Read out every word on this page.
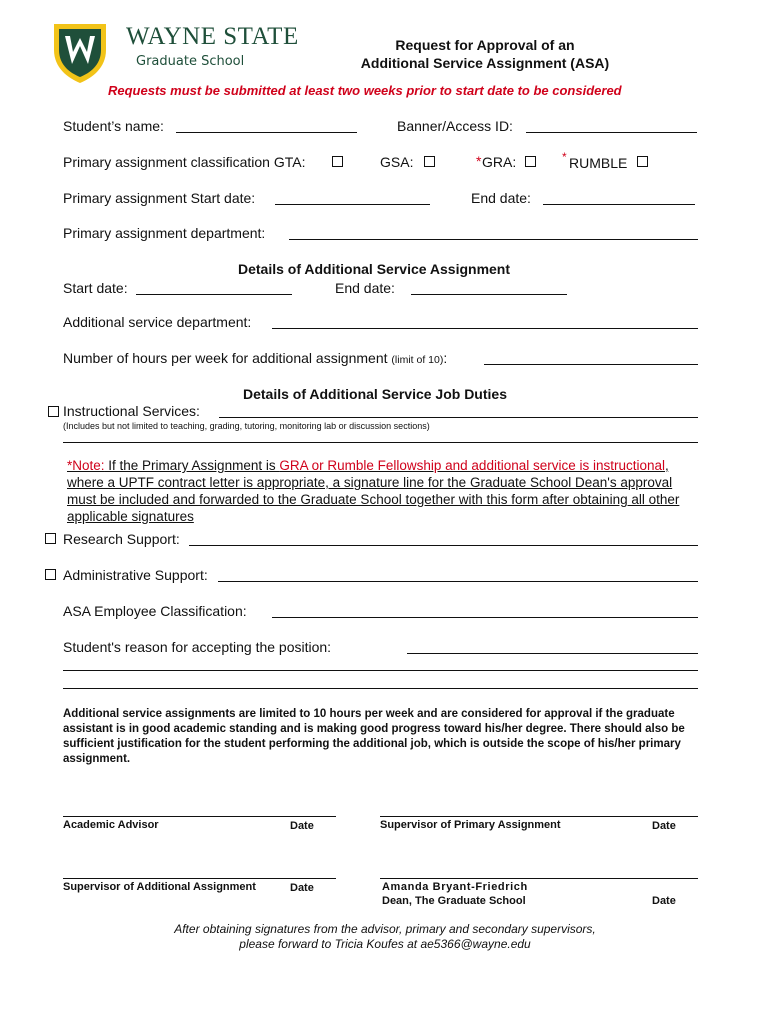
WAYNE STATE
Graduate School
Request for Approval of an
Additional Service Assignment (ASA)
Requests must be submitted at least two weeks prior to start date to be considered
Student’s name:	Banner/Access ID:
Primary assignment classification GTA:	GSA:	* GRA:	* RUMBLE
Primary assignment Start date:	End date:
Primary assignment department:
Details of Additional Service Assignment
Start date:	End date:
Additional service department:
Number of hours per week for additional assignment (limit of 10):
Details of Additional Service Job Duties
Instructional Services:
(Includes but not limited to teaching, grading, tutoring, monitoring lab or discussion sections)
*Note: If the Primary Assignment is GRA or Rumble Fellowship and additional service is instructional, where a UPTF contract letter is appropriate, a signature line for the Graduate School Dean's approval must be included and forwarded to the Graduate School together with this form after obtaining all other applicable signatures
Research Support:
Administrative Support:
ASA Employee Classification:
Student's reason for accepting the position:
Additional service assignments are limited to 10 hours per week and are considered for approval if the graduate assistant is in good academic standing and is making good progress toward his/her degree. There should also be sufficient justification for the student performing the additional job, which is outside the scope of his/her primary assignment.
Academic Advisor	Date	Supervisor of Primary Assignment	Date
Supervisor of Additional Assignment	Date	Amanda Bryant-Friedrich
Dean, The Graduate School	Date
After obtaining signatures from the advisor, primary and secondary supervisors,
please forward to Tricia Koufes at ae5366@wayne.edu
